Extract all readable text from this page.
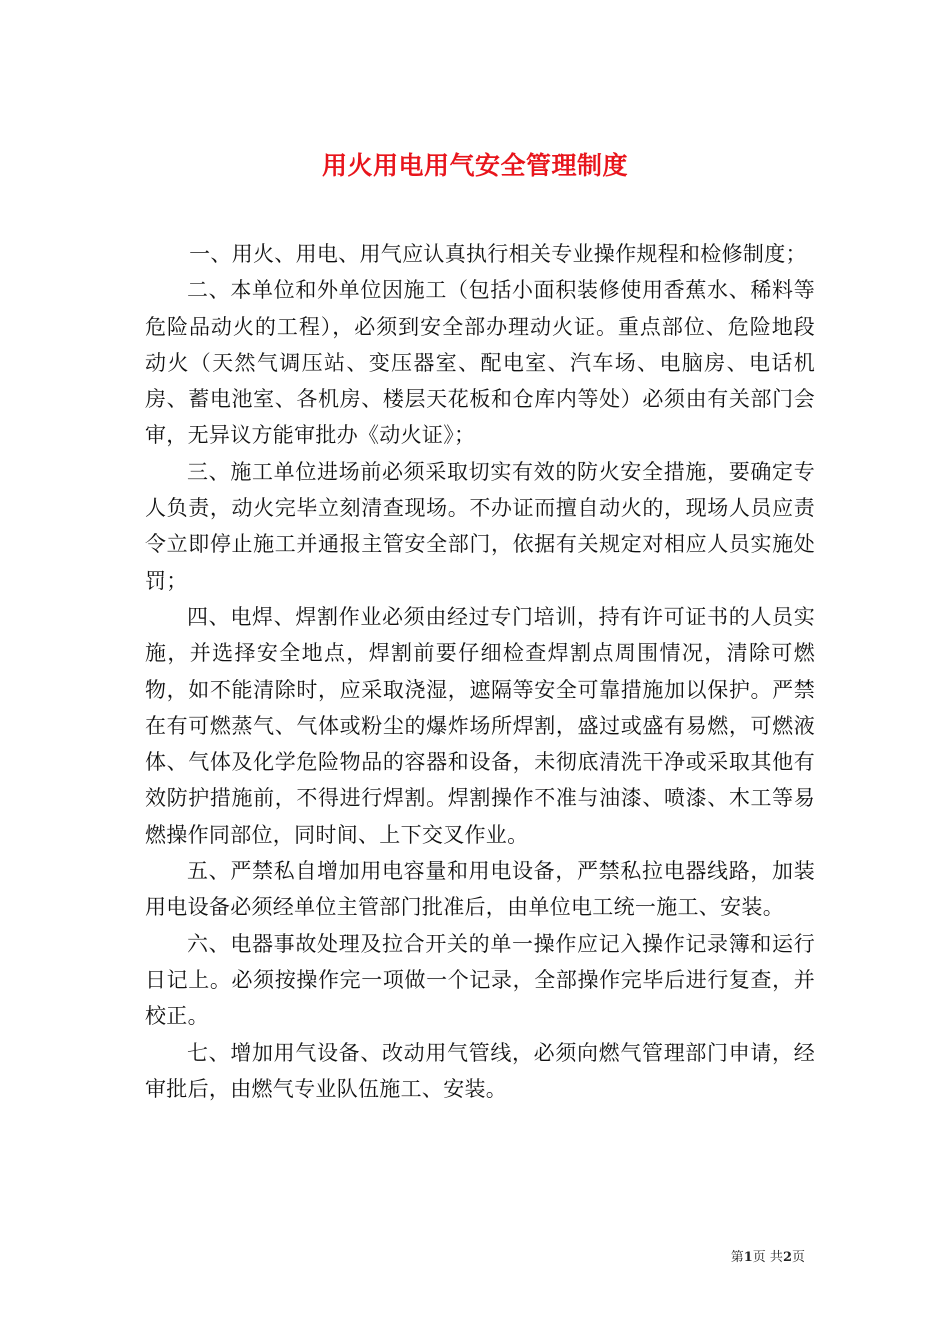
用火用电用气安全管理制度

一、用火、用电、用气应认真执行相关专业操作规程和检修制度；

二、本单位和外单位因施工（包括小面积装修使用香蕉水、稀料等危险品动火的工程），必须到安全部办理动火证。重点部位、危险地段动火（天然气调压站、变压器室、配电室、汽车场、电脑房、电话机房、蓄电池室、各机房、楼层天花板和仓库内等处）必须由有关部门会审，无异议方能审批办《动火证》；

三、施工单位进场前必须采取切实有效的防火安全措施，要确定专人负责，动火完毕立刻清查现场。不办证而擅自动火的，现场人员应责令立即停止施工并通报主管安全部门，依据有关规定对相应人员实施处罚；

四、电焊、焊割作业必须由经过专门培训，持有许可证书的人员实施，并选择安全地点，焊割前要仔细检查焊割点周围情况，清除可燃物，如不能清除时，应采取浇湿，遮隔等安全可靠措施加以保护。严禁在有可燃蒸气、气体或粉尘的爆炸场所焊割，盛过或盛有易燃，可燃液体、气体及化学危险物品的容器和设备，未彻底清洗干净或采取其他有效防护措施前，不得进行焊割。焊割操作不准与油漆、喷漆、木工等易燃操作同部位，同时间、上下交叉作业。

五、严禁私自增加用电容量和用电设备，严禁私拉电器线路，加装用电设备必须经单位主管部门批准后，由单位电工统一施工、安装。

六、电器事故处理及拉合开关的单一操作应记入操作记录簿和运行日记上。必须按操作完一项做一个记录，全部操作完毕后进行复查，并校正。

七、增加用气设备、改动用气管线，必须向燃气管理部门申请，经审批后，由燃气专业队伍施工、安装。

第1页 共2页
